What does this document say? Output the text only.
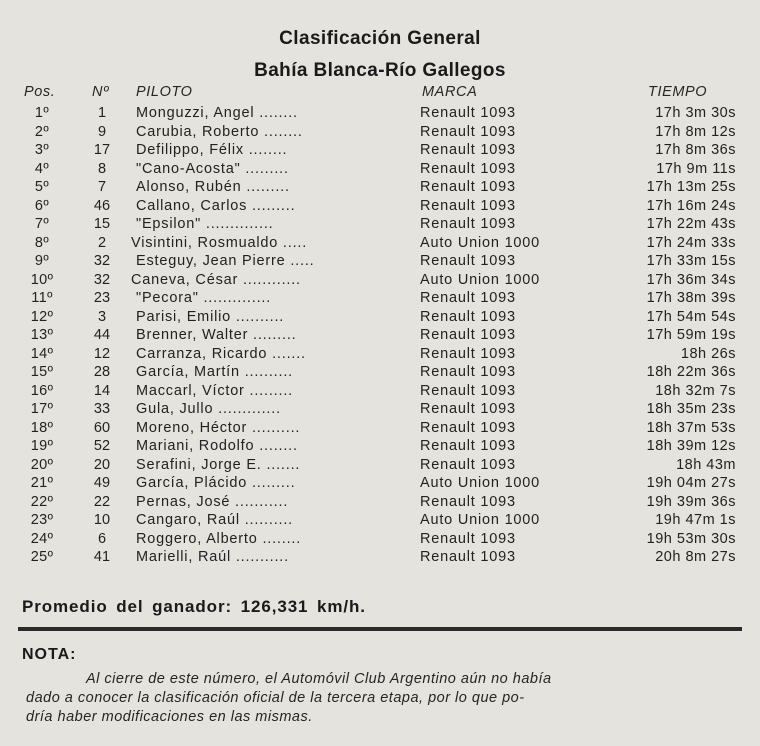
Clasificación General
Bahía Blanca-Río Gallegos
Pos.	Nº PILOTO	MARCA	TIEMPO
1º	1	Monguzzi, Angel ........	Renault 1093	17h 3m 30s
2º	9	Carubia, Roberto ........	Renault 1093	17h 8m 12s
3º	17	Defilippo, Félix ........	Renault 1093	17h 8m 36s
4º	8	"Cano-Acosta" .........	Renault 1093	17h 9m 11s
5º	7	Alonso, Rubén .........	Renault 1093	17h 13m 25s
6º	46	Callano, Carlos .........	Renault 1093	17h 16m 24s
7º	15	"Epsilon" ..............	Renault 1093	17h 22m 43s
8º	2	Visintini, Rosmualdo .....	Auto Union 1000	17h 24m 33s
9º	32	Esteguy, Jean Pierre .....	Renault 1093	17h 33m 15s
10º	32	Caneva, César ............	Auto Union 1000	17h 36m 34s
11º	23	"Pecora" ..............	Renault 1093	17h 38m 39s
12º	3	Parisi, Emilio ..........	Renault 1093	17h 54m 54s
13º	44	Brenner, Walter .........	Renault 1093	17h 59m 19s
14º	12	Carranza, Ricardo .......	Renault 1093	18h 26s
15º	28	García, Martín ..........	Renault 1093	18h 22m 36s
16º	14	Maccarl, Víctor .........	Renault 1093	18h 32m 7s
17º	33	Gula, Jullo .............	Renault 1093	18h 35m 23s
18º	60	Moreno, Héctor ..........	Renault 1093	18h 37m 53s
19º	52	Mariani, Rodolfo ........	Renault 1093	18h 39m 12s
20º	20	Serafini, Jorge E. .......	Renault 1093	18h 43m
21º	49	García, Plácido .........	Auto Union 1000	19h 04m 27s
22º	22	Pernas, José ...........	Renault 1093	19h 39m 36s
23º	10	Cangaro, Raúl ..........	Auto Union 1000	19h 47m 1s
24º	6	Roggero, Alberto ........	Renault 1093	19h 53m 30s
25º	41	Marielli, Raúl ...........	Renault 1093	20h 8m 27s
Promedio del ganador: 126,331 km/h.
NOTA:
Al cierre de este número, el Automóvil Club Argentino aún no había
dado a conocer la clasificación oficial de la tercera etapa, por lo que po-
dría haber modificaciones en las mismas.
